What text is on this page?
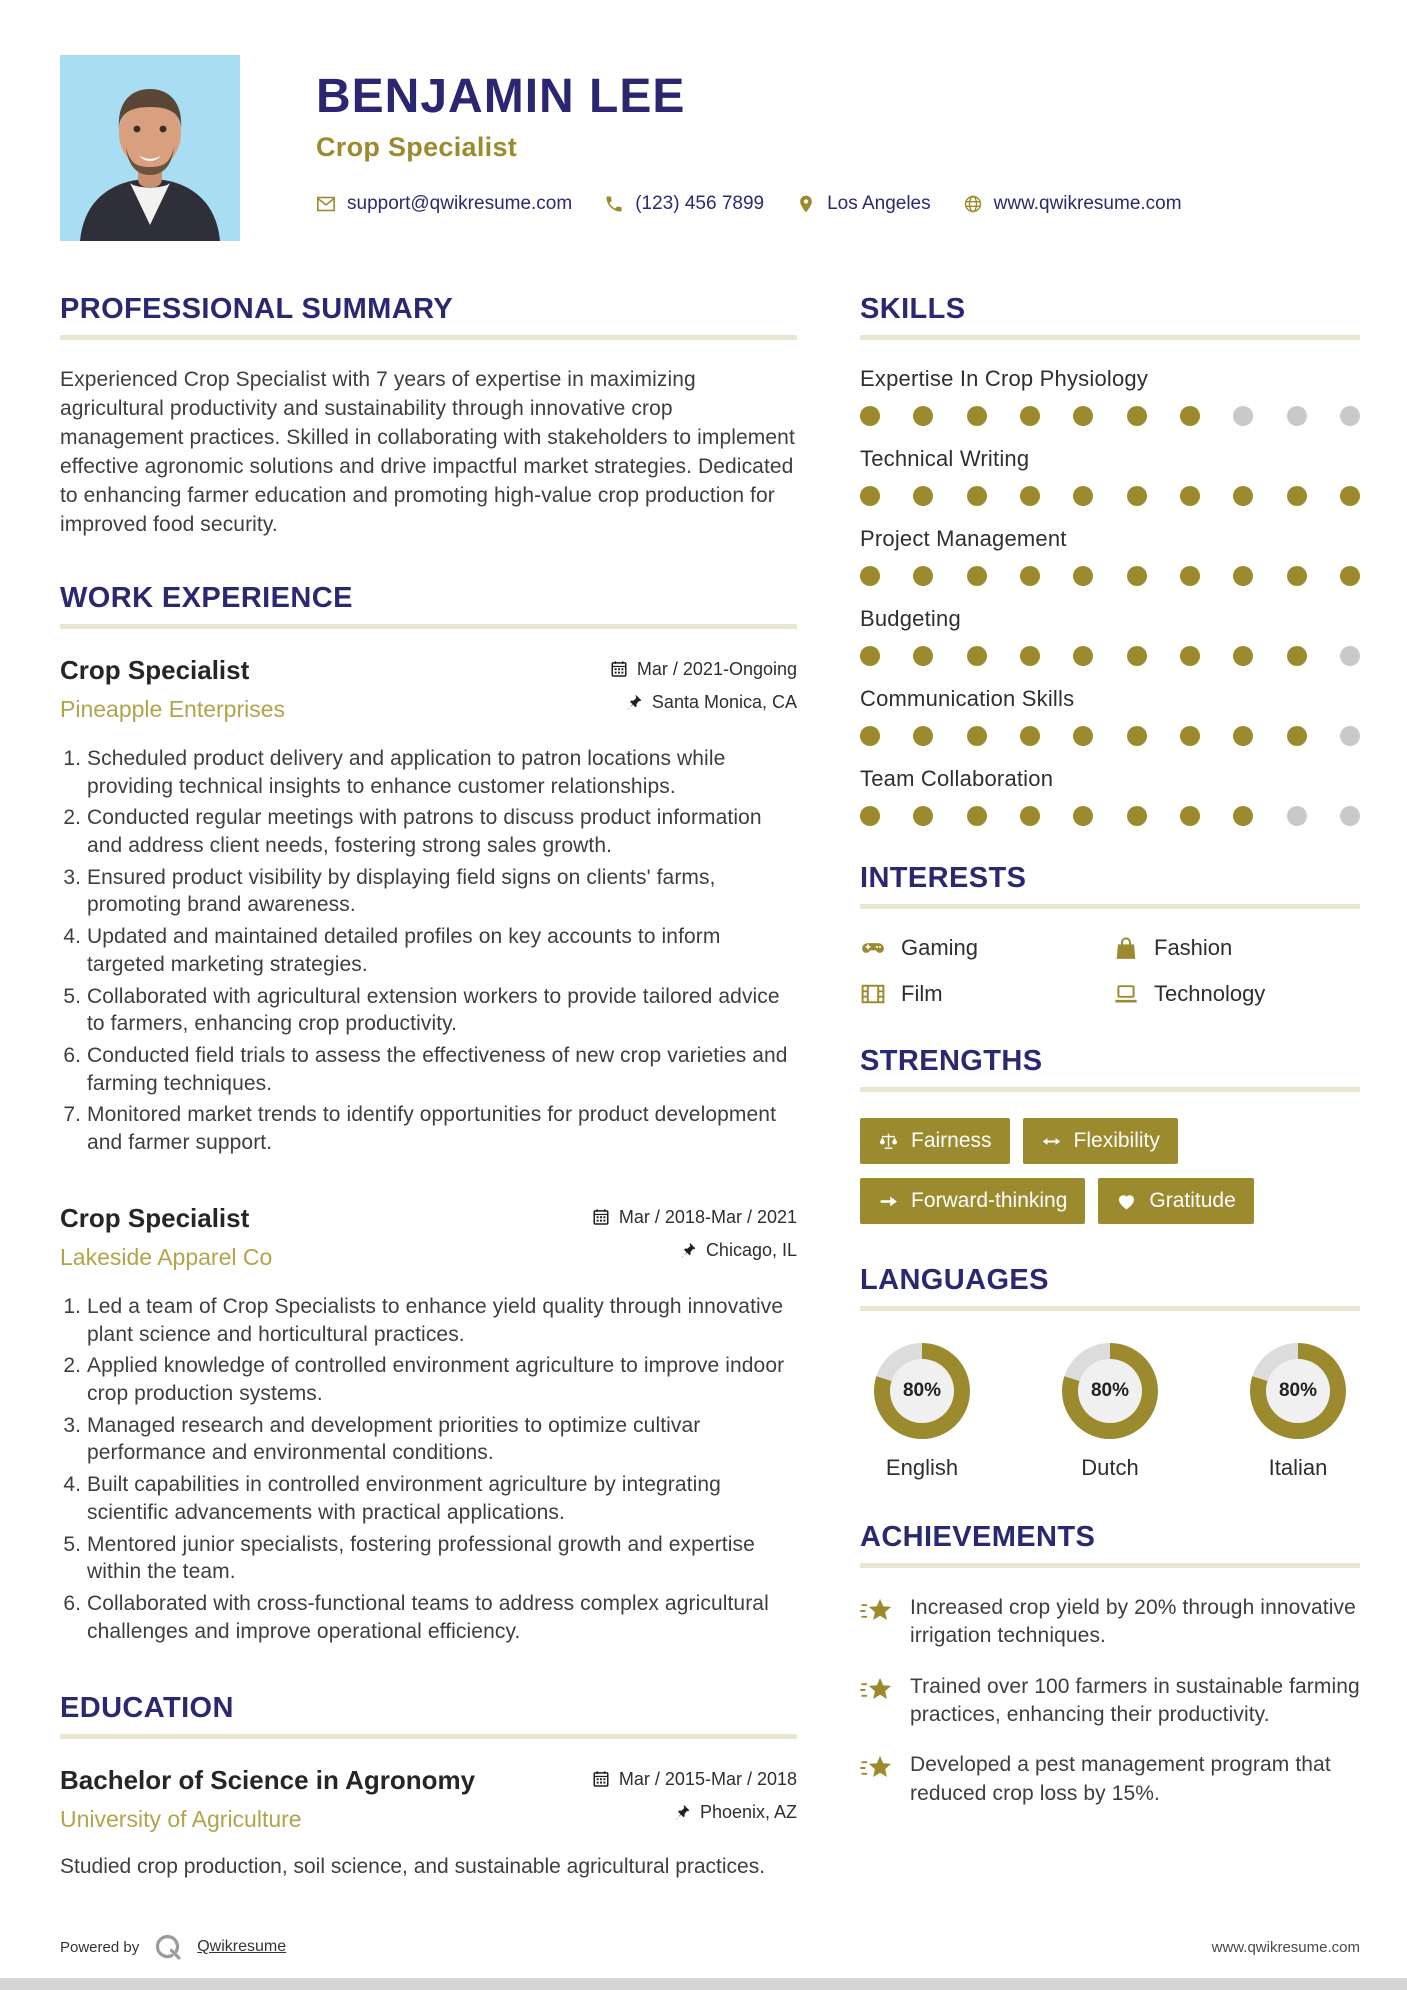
BENJAMIN LEE
Crop Specialist
support@qwikresume.com	(123) 456 7899	Los Angeles	www.qwikresume.com
PROFESSIONAL SUMMARY

Experienced Crop Specialist with 7 years of expertise in maximizing agricultural productivity and sustainability through innovative crop management practices. Skilled in collaborating with stakeholders to implement effective agronomic solutions and drive impactful market strategies. Dedicated to enhancing farmer education and promoting high-value crop production for improved food security.

WORK EXPERIENCE
Crop Specialist
Pineapple Enterprises
Mar / 2021-Ongoing
Santa Monica, CA
1. Scheduled product delivery and application to patron locations while providing technical insights to enhance customer relationships.
2. Conducted regular meetings with patrons to discuss product information and address client needs, fostering strong sales growth.
3. Ensured product visibility by displaying field signs on clients' farms, promoting brand awareness.
4. Updated and maintained detailed profiles on key accounts to inform targeted marketing strategies.
5. Collaborated with agricultural extension workers to provide tailored advice to farmers, enhancing crop productivity.
6. Conducted field trials to assess the effectiveness of new crop varieties and farming techniques.
7. Monitored market trends to identify opportunities for product development and farmer support.
Crop Specialist
Lakeside Apparel Co
Mar / 2018-Mar / 2021
Chicago, IL
1. Led a team of Crop Specialists to enhance yield quality through innovative plant science and horticultural practices.
2. Applied knowledge of controlled environment agriculture to improve indoor crop production systems.
3. Managed research and development priorities to optimize cultivar performance and environmental conditions.
4. Built capabilities in controlled environment agriculture by integrating scientific advancements with practical applications.
5. Mentored junior specialists, fostering professional growth and expertise within the team.
6. Collaborated with cross-functional teams to address complex agricultural challenges and improve operational efficiency.
EDUCATION
Bachelor of Science in Agronomy
University of Agriculture
Mar / 2015-Mar / 2018
Phoenix, AZ

Studied crop production, soil science, and sustainable agricultural practices.

SKILLS
Expertise In Crop Physiology
Technical Writing
Project Management
Budgeting
Communication Skills
Team Collaboration
INTERESTS
Gaming	Fashion
Film	Technology
STRENGTHS
Fairness	Flexibility
Forward-thinking	Gratitude
LANGUAGES
80%
English
80%
Dutch
80%
Italian
ACHIEVEMENTS
Increased crop yield by 20% through innovative irrigation techniques.
Trained over 100 farmers in sustainable farming practices, enhancing their productivity.
Developed a pest management program that reduced crop loss by 15%.
Powered by	Qwikresume	www.qwikresume.com
